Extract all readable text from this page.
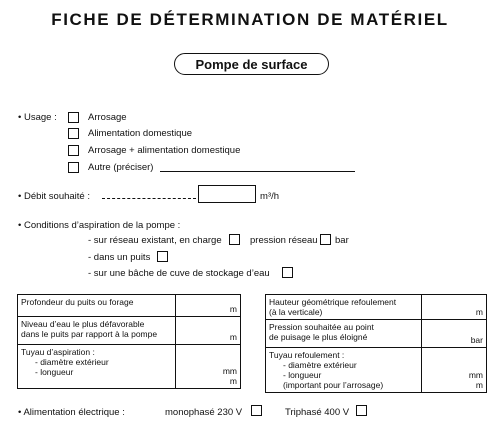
FICHE DE DÉTERMINATION DE MATÉRIEL
Pompe de surface
• Usage :	Arrosage
Alimentation domestique
Arrosage + alimentation domestique
Autre (préciser)
• Débit souhaité :	m³/h
• Conditions d’aspiration de la pompe :
- sur réseau existant, en charge	pression réseau bar
- dans un puits
- sur une bâche de cuve de stockage d’eau
Profondeur du puits ou forage	m
Niveau d’eau le plus défavorable
dans le puits par rapport à la pompe	m
Tuyau d’aspiration :
- diamètre extérieur
- longueur	mm
m
Hauteur géométrique refoulement
(à la verticale)	m
Pression souhaitée au point
de puisage le plus éloigné	bar
Tuyau refoulement :
- diamètre extérieur
- longueur
(important pour l’arrosage)	mm
m
• Alimentation électrique :	monophasé 230 V	Triphasé 400 V
